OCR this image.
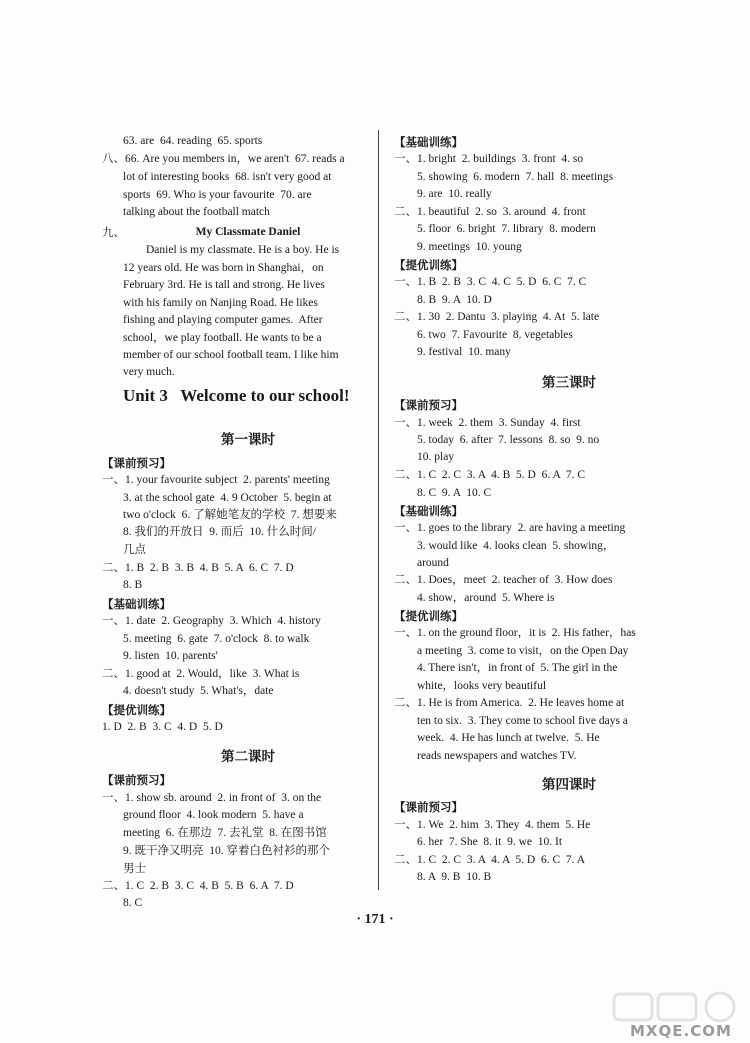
63. are  64. reading  65. sports
八、66. Are you members in，we aren't  67. reads a
lot of interesting books  68. isn't very good at
sports  69. Who is your favourite  70. are
talking about the football match
九、	My Classmate Daniel
Daniel is my classmate. He is a boy. He is
12 years old. He was born in Shanghai，on
February 3rd. He is tall and strong. He lives
with his family on Nanjing Road. He likes
fishing and playing computer games.  After
school，we play football. He wants to be a
member of our school football team. I like him
very much.
Unit 3   Welcome to our school!
第一课时
【课前预习】
一、1. your favourite subject  2. parents' meeting
3. at the school gate  4. 9 October  5. begin at
two o'clock  6. 了解她笔友的学校  7. 想要来
8. 我们的开放日  9. 而后  10. 什么时间/
几点
二、1. B  2. B  3. B  4. B  5. A  6. C  7. D
8. B
【基础训练】
一、1. date  2. Geography  3. Which  4. history
5. meeting  6. gate  7. o'clock  8. to walk
9. listen  10. parents'
二、1. good at  2. Would，like  3. What is
4. doesn't study  5. What's，date
【提优训练】
1. D  2. B  3. C  4. D  5. D
第二课时
【课前预习】
一、1. show sb. around  2. in front of  3. on the
ground floor  4. look modern  5. have a
meeting  6. 在那边  7. 去礼堂  8. 在图书馆
9. 既干净又明亮  10. 穿着白色衬衫的那个
男士
二、1. C  2. B  3. C  4. B  5. B  6. A  7. D
8. C
【基础训练】
一、1. bright  2. buildings  3. front  4. so
5. showing  6. modern  7. hall  8. meetings
9. are  10. really
二、1. beautiful  2. so  3. around  4. front
5. floor  6. bright  7. library  8. modern
9. meetings  10. young
【提优训练】
一、1. B  2. B  3. C  4. C  5. D  6. C  7. C
8. B  9. A  10. D
二、1. 30  2. Dantu  3. playing  4. At  5. late
6. two  7. Favourite  8. vegetables
9. festival  10. many
第三课时
【课前预习】
一、1. week  2. them  3. Sunday  4. first
5. today  6. after  7. lessons  8. so  9. no
10. play
二、1. C  2. C  3. A  4. B  5. D  6. A  7. C
8. C  9. A  10. C
【基础训练】
一、1. goes to the library  2. are having a meeting
3. would like  4. looks clean  5. showing，
around
二、1. Does，meet  2. teacher of  3. How does
4. show，around  5. Where is
【提优训练】
一、1. on the ground floor，it is  2. His father，has
a meeting  3. come to visit，on the Open Day
4. There isn't，in front of  5. The girl in the
white，looks very beautiful
二、1. He is from America.  2. He leaves home at
ten to six.  3. They come to school five days a
week.  4. He has lunch at twelve.  5. He
reads newspapers and watches TV.
第四课时
【课前预习】
一、1. We  2. him  3. They  4. them  5. He
6. her  7. She  8. it  9. we  10. It
二、1. C  2. C  3. A  4. A  5. D  6. C  7. A
8. A  9. B  10. B
· 171 ·
MXQE.COM
